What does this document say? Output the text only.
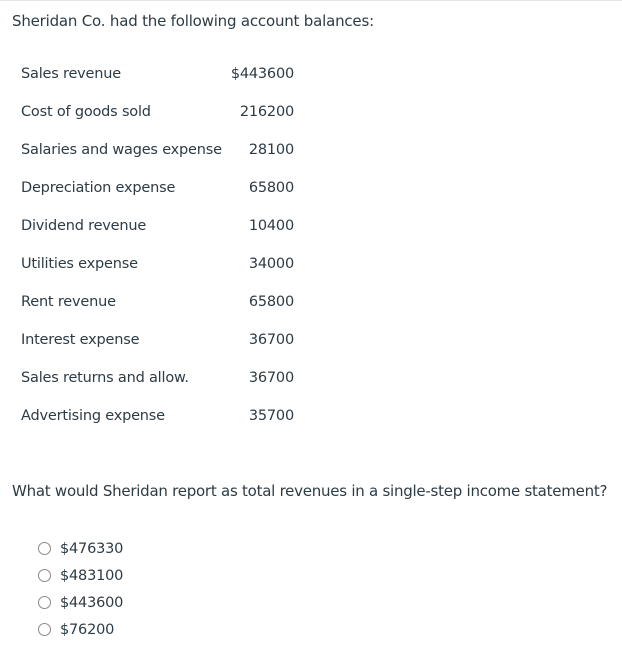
Sheridan Co. had the following account balances:
Sales revenue	$443600
Cost of goods sold	216200
Salaries and wages expense 28100
Depreciation expense	65800
Dividend revenue	10400
Utilities expense	34000
Rent revenue	65800
Interest expense	36700
Sales returns and allow.	36700
Advertising expense	35700
What would Sheridan report as total revenues in a single-step income statement?
$476330
$483100
$443600
$76200
